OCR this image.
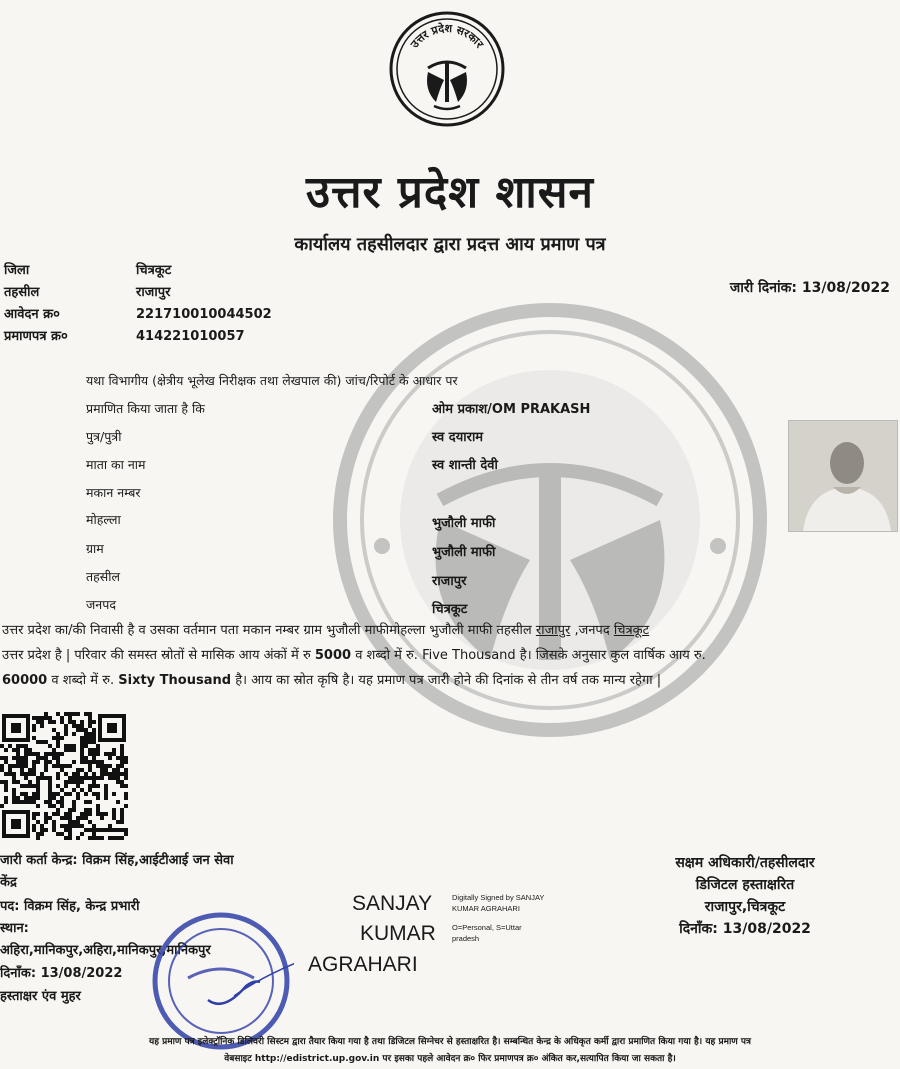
उत्तर प्रदेश सरकार
उत्तर प्रदेश शासन
कार्यालय तहसीलदार द्वारा प्रदत्त आय प्रमाण पत्र
जिला	चित्रकूट
तहसील	राजापुर
आवेदन क्र०	221710010044502
प्रमाणपत्र क्र०	414221010057
जारी दिनांक: 13/08/2022
यथा विभागीय (क्षेत्रीय भूलेख निरीक्षक तथा लेखपाल की) जांच/रिपोर्ट के आधार पर
प्रमाणित किया जाता है कि	ओम प्रकाश/OM PRAKASH
पुत्र/पुत्री	स्व दयाराम
माता का नाम	स्व शान्ती देवी
मकान नम्बर
मोहल्ला	भुजौली माफी
ग्राम	भुजौली माफी
तहसील	राजापुर
जनपद	चित्रकूट
उत्तर प्रदेश का/की निवासी है व उसका वर्तमान पता मकान नम्बर ग्राम भुजौली माफीमोहल्ला भुजौली माफी तहसील राजापुर ,जनपद चित्रकूट
उत्तर प्रदेश है | परिवार की समस्त स्रोतों से मासिक आय अंकों में रु 5000 व शब्दो में रु. Five Thousand है। जिसके अनुसार कुल वार्षिक आय रु.
60000 व शब्दो में रु. Sixty Thousand है। आय का स्रोत कृषि है। यह प्रमाण पत्र जारी होने की दिनांक से तीन वर्ष तक मान्य रहेगा |
जारी कर्ता केन्द्र: विक्रम सिंह,आईटीआई जन सेवा
केंद्र
पद: विक्रम सिंह, केन्द्र प्रभारी
स्थान:
अहिरा,मानिकपुर,अहिरा,मानिकपुर,मानिकपुर
दिनाँक: 13/08/2022
हस्ताक्षर एंव मुहर
SANJAY
KUMAR
AGRAHARI
Digitally Signed by SANJAY
KUMAR AGRAHARI
O=Personal, S=Uttar
pradesh
सक्षम अधिकारी/तहसीलदार
डिजिटल हस्ताक्षरित
राजापुर,चित्रकूट
दिनाँक: 13/08/2022
यह प्रमाण पत्र इलेक्ट्रॉनिक डिलिवरी सिस्टम द्वारा तैयार किया गया है तथा डिजिटल सिग्नेचर से हस्ताक्षरित है। सम्बन्धित केन्द्र के अधिकृत कर्मी द्वारा प्रमाणित किया गया है। यह प्रमाण पत्र
वेबसाइट http://edistrict.up.gov.in पर इसका पहले आवेदन क्र० फिर प्रमाणपत्र क्र० अंकित कर,सत्यापित किया जा सकता है।
